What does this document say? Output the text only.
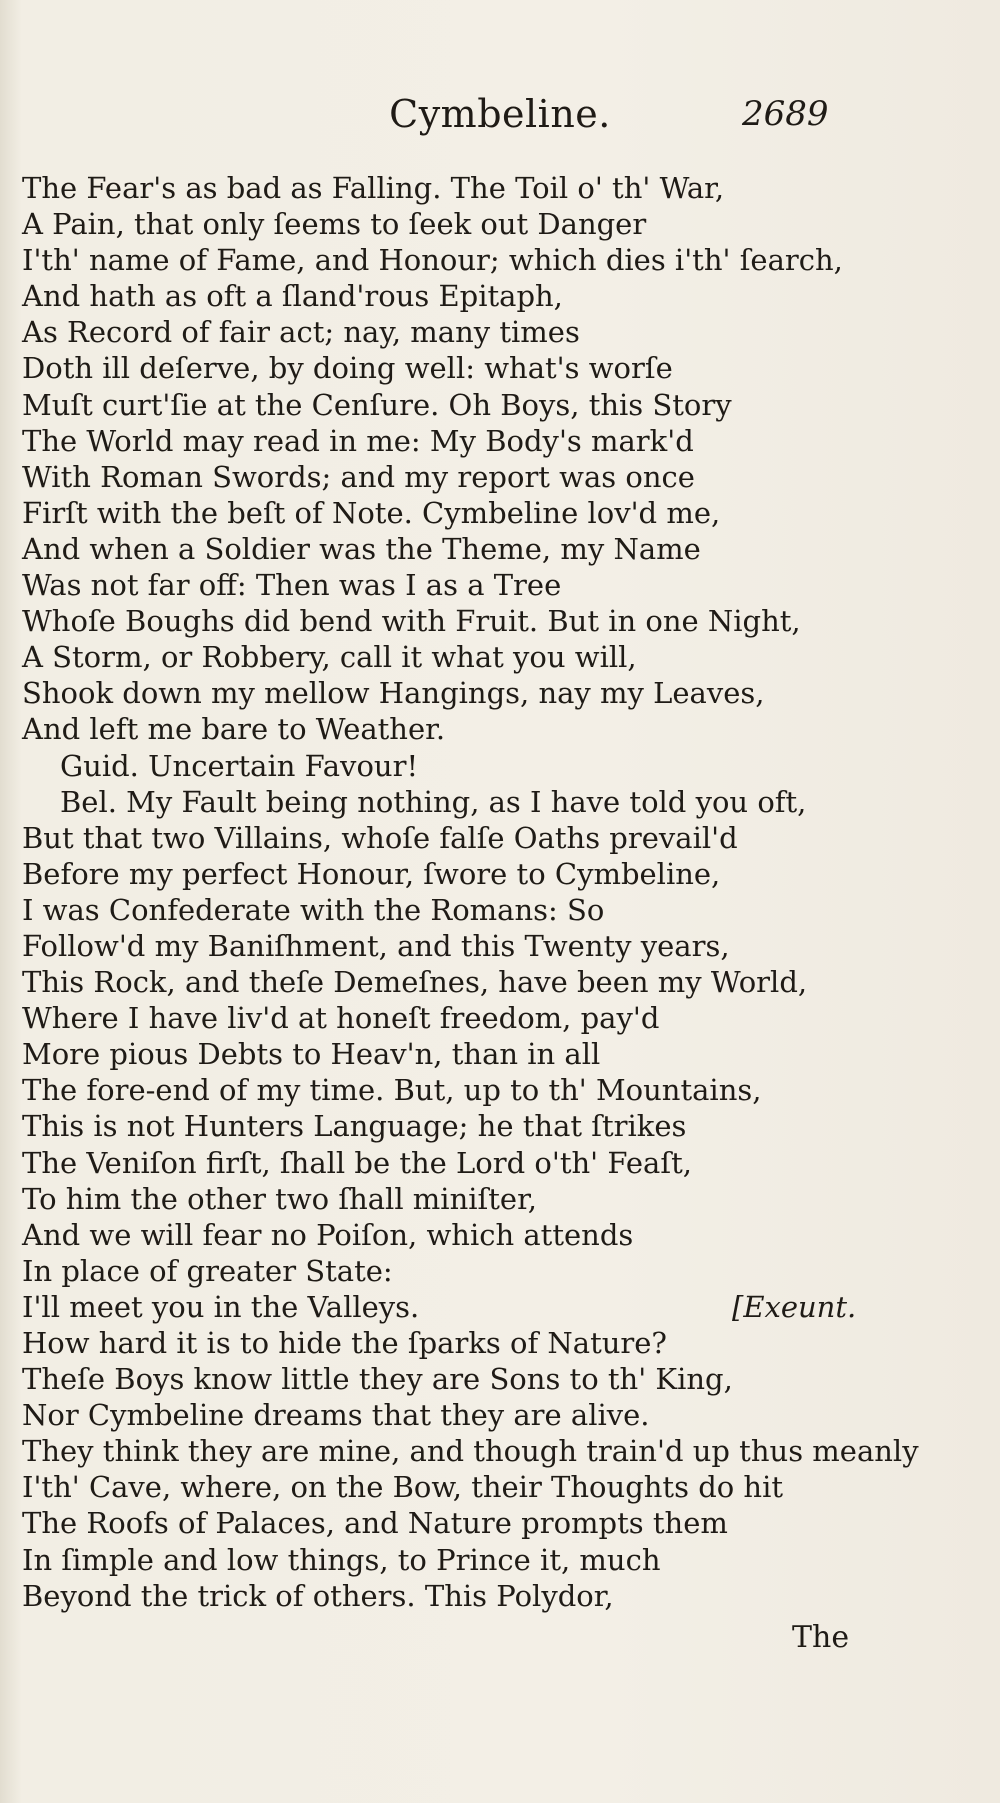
Cymbeline.	2689
The Fear's as bad as Falling. The Toil o' th' War,
A Pain, that only ſeems to ſeek out Danger
I'th' name of Fame, and Honour; which dies i'th' ſearch,
And hath as oft a ſland'rous Epitaph,
As Record of fair act; nay, many times
Doth ill deſerve, by doing well: what's worſe
Muſt curt'ſie at the Cenſure. Oh Boys, this Story
The World may read in me: My Body's mark'd
With Roman Swords; and my report was once
Firſt with the beſt of Note. Cymbeline lov'd me,
And when a Soldier was the Theme, my Name
Was not far off: Then was I as a Tree
Whoſe Boughs did bend with Fruit. But in one Night,
A Storm, or Robbery, call it what you will,
Shook down my mellow Hangings, nay my Leaves,
And left me bare to Weather.
Guid. Uncertain Favour!
Bel. My Fault being nothing, as I have told you oft,
But that two Villains, whoſe falſe Oaths prevail'd
Before my perfect Honour, ſwore to Cymbeline,
I was Confederate with the Romans: So
Follow'd my Baniſhment, and this Twenty years,
This Rock, and theſe Demeſnes, have been my World,
Where I have liv'd at honeſt freedom, pay'd
More pious Debts to Heav'n, than in all
The fore-end of my time. But, up to th' Mountains,
This is not Hunters Language; he that ſtrikes
The Veniſon firſt, ſhall be the Lord o'th' Feaſt,
To him the other two ſhall miniſter,
And we will fear no Poiſon, which attends
In place of greater State:
I'll meet you in the Valleys.	[Exeunt.
How hard it is to hide the ſparks of Nature?
Theſe Boys know little they are Sons to th' King,
Nor Cymbeline dreams that they are alive.
They think they are mine, and though train'd up thus meanly
I'th' Cave, where, on the Bow, their Thoughts do hit
The Roofs of Palaces, and Nature prompts them
In ſimple and low things, to Prince it, much
Beyond the trick of others. This Polydor,
The
